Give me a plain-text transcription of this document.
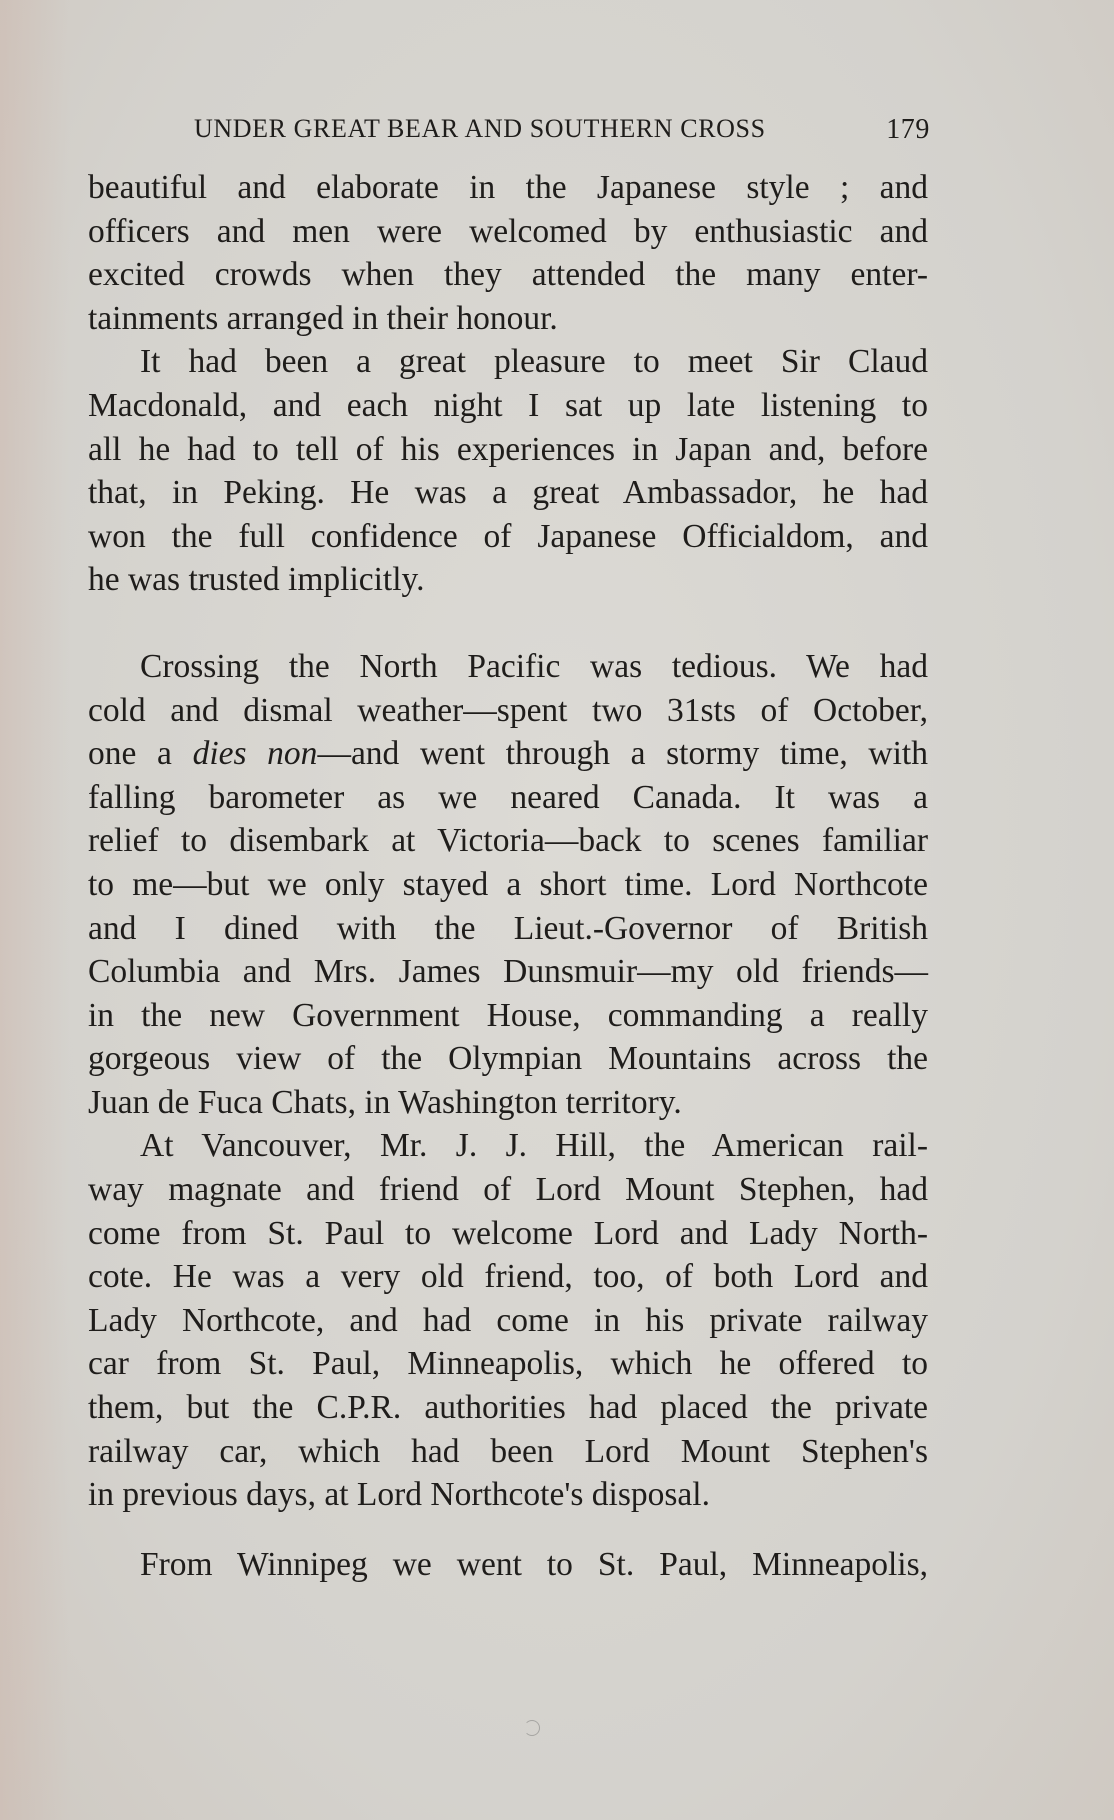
UNDER GREAT BEAR AND SOUTHERN CROSS	179

beautiful and elaborate in the Japanese style ; and

officers and men were welcomed by enthusiastic and

excited crowds when they attended the many enter-

tainments arranged in their honour.

It had been a great pleasure to meet Sir Claud

Macdonald, and each night I sat up late listening to

all he had to tell of his experiences in Japan and, before

that, in Peking. He was a great Ambassador, he had

won the full confidence of Japanese Officialdom, and

he was trusted implicitly.

Crossing the North Pacific was tedious. We had

cold and dismal weather—spent two 31sts of October,

one a dies non—and went through a stormy time, with

falling barometer as we neared Canada. It was a

relief to disembark at Victoria—back to scenes familiar

to me—but we only stayed a short time. Lord Northcote

and I dined with the Lieut.-Governor of British

Columbia and Mrs. James Dunsmuir—my old friends—

in the new Government House, commanding a really

gorgeous view of the Olympian Mountains across the

Juan de Fuca Chats, in Washington territory.

At Vancouver, Mr. J. J. Hill, the American rail-

way magnate and friend of Lord Mount Stephen, had

come from St. Paul to welcome Lord and Lady North-

cote. He was a very old friend, too, of both Lord and

Lady Northcote, and had come in his private railway

car from St. Paul, Minneapolis, which he offered to

them, but the C.P.R. authorities had placed the private

railway car, which had been Lord Mount Stephen's

in previous days, at Lord Northcote's disposal.

From Winnipeg we went to St. Paul, Minneapolis,
